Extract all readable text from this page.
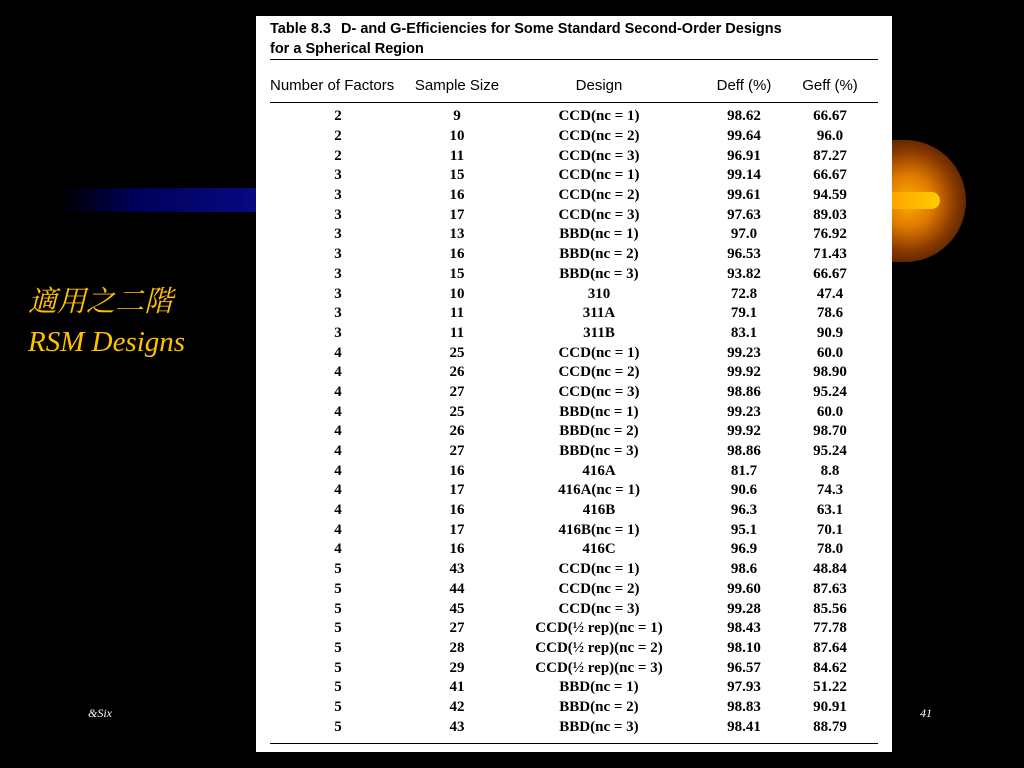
適用之二階
RSM Designs
Table 8.3 D- and G-Efficiencies for Some Standard Second-Order Designs
for a Spherical Region
Number of Factors	Sample Size	Design	Deff (%)	Geff (%)
2	9	CCD(nc = 1)	98.62	66.67
2	10	CCD(nc = 2)	99.64	96.0
2	11	CCD(nc = 3)	96.91	87.27
3	15	CCD(nc = 1)	99.14	66.67
3	16	CCD(nc = 2)	99.61	94.59
3	17	CCD(nc = 3)	97.63	89.03
3	13	BBD(nc = 1)	97.0	76.92
3	16	BBD(nc = 2)	96.53	71.43
3	15	BBD(nc = 3)	93.82	66.67
3	10	310	72.8	47.4
3	11	311A	79.1	78.6
3	11	311B	83.1	90.9
4	25	CCD(nc = 1)	99.23	60.0
4	26	CCD(nc = 2)	99.92	98.90
4	27	CCD(nc = 3)	98.86	95.24
4	25	BBD(nc = 1)	99.23	60.0
4	26	BBD(nc = 2)	99.92	98.70
4	27	BBD(nc = 3)	98.86	95.24
4	16	416A	81.7	8.8
4	17	416A(nc = 1)	90.6	74.3
4	16	416B	96.3	63.1
4	17	416B(nc = 1)	95.1	70.1
4	16	416C	96.9	78.0
5	43	CCD(nc = 1)	98.6	48.84
5	44	CCD(nc = 2)	99.60	87.63
5	45	CCD(nc = 3)	99.28	85.56
5	27	CCD(½ rep)(nc = 1)	98.43	77.78
5	28	CCD(½ rep)(nc = 2)	98.10	87.64
5	29	CCD(½ rep)(nc = 3)	96.57	84.62
5	41	BBD(nc = 1)	97.93	51.22
5	42	BBD(nc = 2)	98.83	90.91
5	43	BBD(nc = 3)	98.41	88.79
&Six	41
